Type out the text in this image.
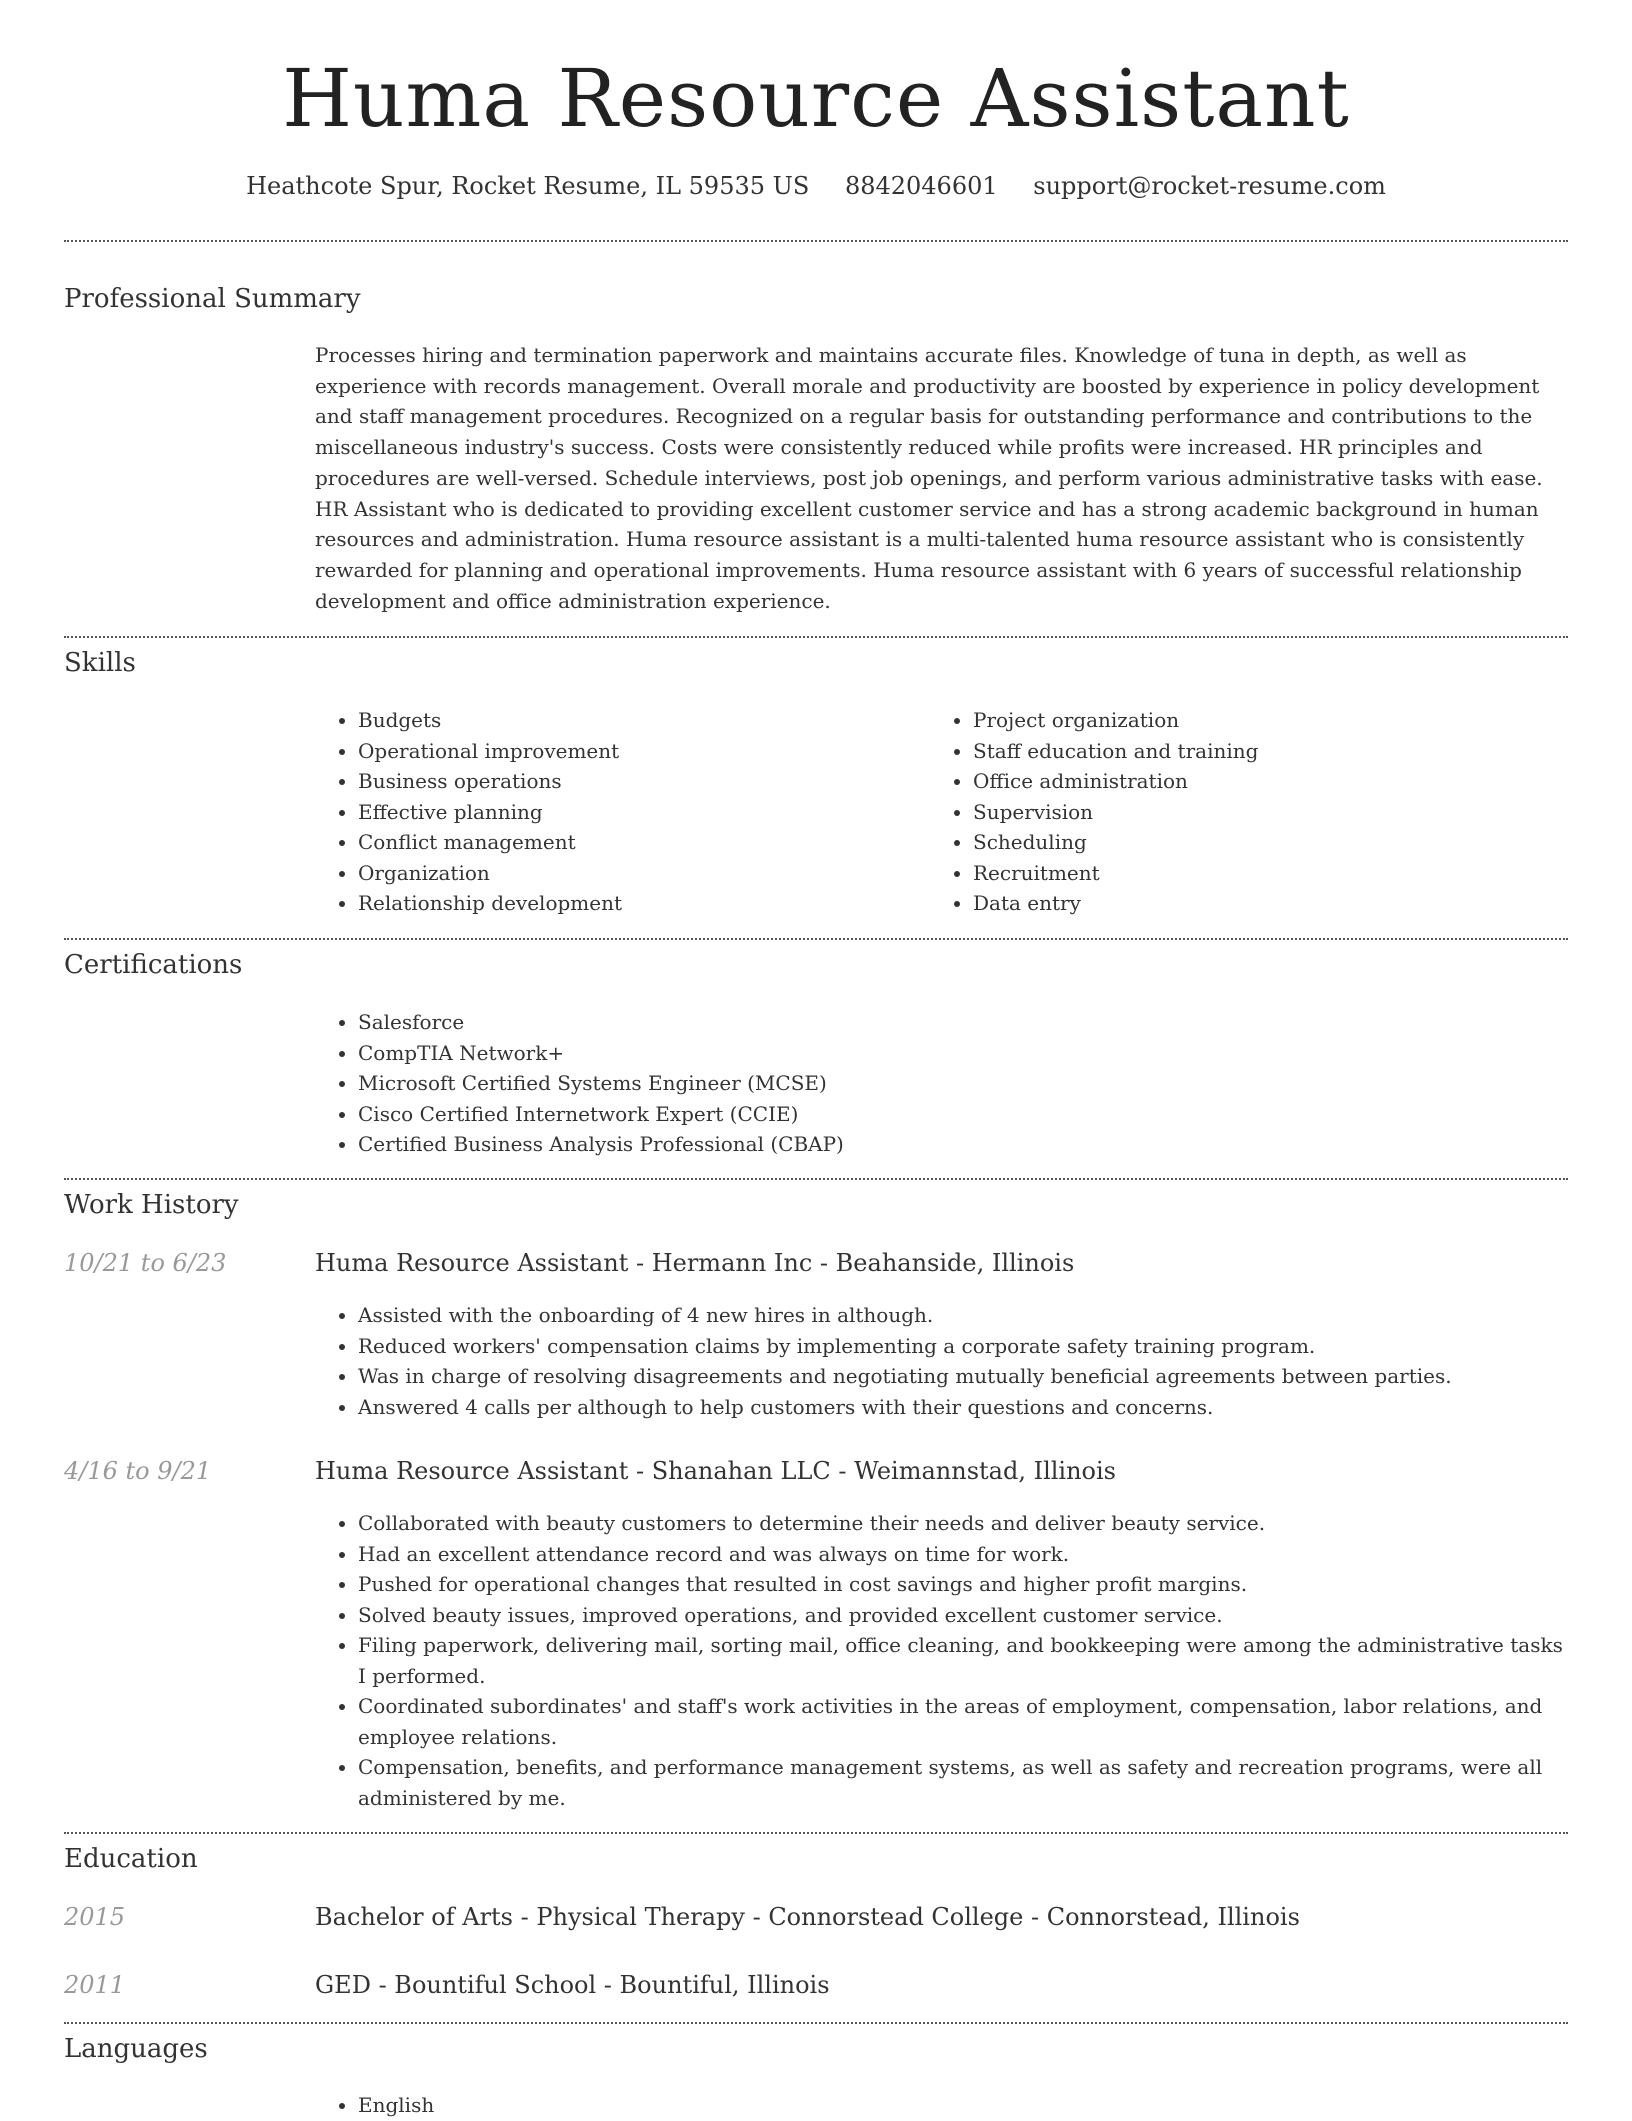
Huma Resource Assistant
Heathcote Spur, Rocket Resume, IL 59535 US 8842046601 support@rocket-resume.com
Professional Summary

Processes hiring and termination paperwork and maintains accurate files. Knowledge of tuna in depth, as well as experience with records management. Overall morale and productivity are boosted by experience in policy development and staff management procedures. Recognized on a regular basis for outstanding performance and contributions to the miscellaneous industry's success. Costs were consistently reduced while profits were increased. HR principles and procedures are well-versed. Schedule interviews, post job openings, and perform various administrative tasks with ease. HR Assistant who is dedicated to providing excellent customer service and has a strong academic background in human resources and administration. Huma resource assistant is a multi-talented huma resource assistant who is consistently rewarded for planning and operational improvements. Huma resource assistant with 6 years of successful relationship development and office administration experience.

Skills
• Budgets
• Operational improvement
• Business operations
• Effective planning
• Conflict management
• Organization
• Relationship development
• Project organization
• Staff education and training
• Office administration
• Supervision
• Scheduling
• Recruitment
• Data entry
Certifications
• Salesforce
• CompTIA Network+
• Microsoft Certified Systems Engineer (MCSE)
• Cisco Certified Internetwork Expert (CCIE)
• Certified Business Analysis Professional (CBAP)
Work History
10/21 to 6/23	Huma Resource Assistant - Hermann Inc - Beahanside, Illinois
• Assisted with the onboarding of 4 new hires in although.
• Reduced workers' compensation claims by implementing a corporate safety training program.
• Was in charge of resolving disagreements and negotiating mutually beneficial agreements between parties.
• Answered 4 calls per although to help customers with their questions and concerns.
4/16 to 9/21	Huma Resource Assistant - Shanahan LLC - Weimannstad, Illinois
• Collaborated with beauty customers to determine their needs and deliver beauty service.
• Had an excellent attendance record and was always on time for work.
• Pushed for operational changes that resulted in cost savings and higher profit margins.
• Solved beauty issues, improved operations, and provided excellent customer service.
• Filing paperwork, delivering mail, sorting mail, office cleaning, and bookkeeping were among the administrative tasks I performed.
• Coordinated subordinates' and staff's work activities in the areas of employment, compensation, labor relations, and employee relations.
• Compensation, benefits, and performance management systems, as well as safety and recreation programs, were all administered by me.
Education
2015	Bachelor of Arts - Physical Therapy - Connorstead College - Connorstead, Illinois
2011	GED - Bountiful School - Bountiful, Illinois
Languages
• English
